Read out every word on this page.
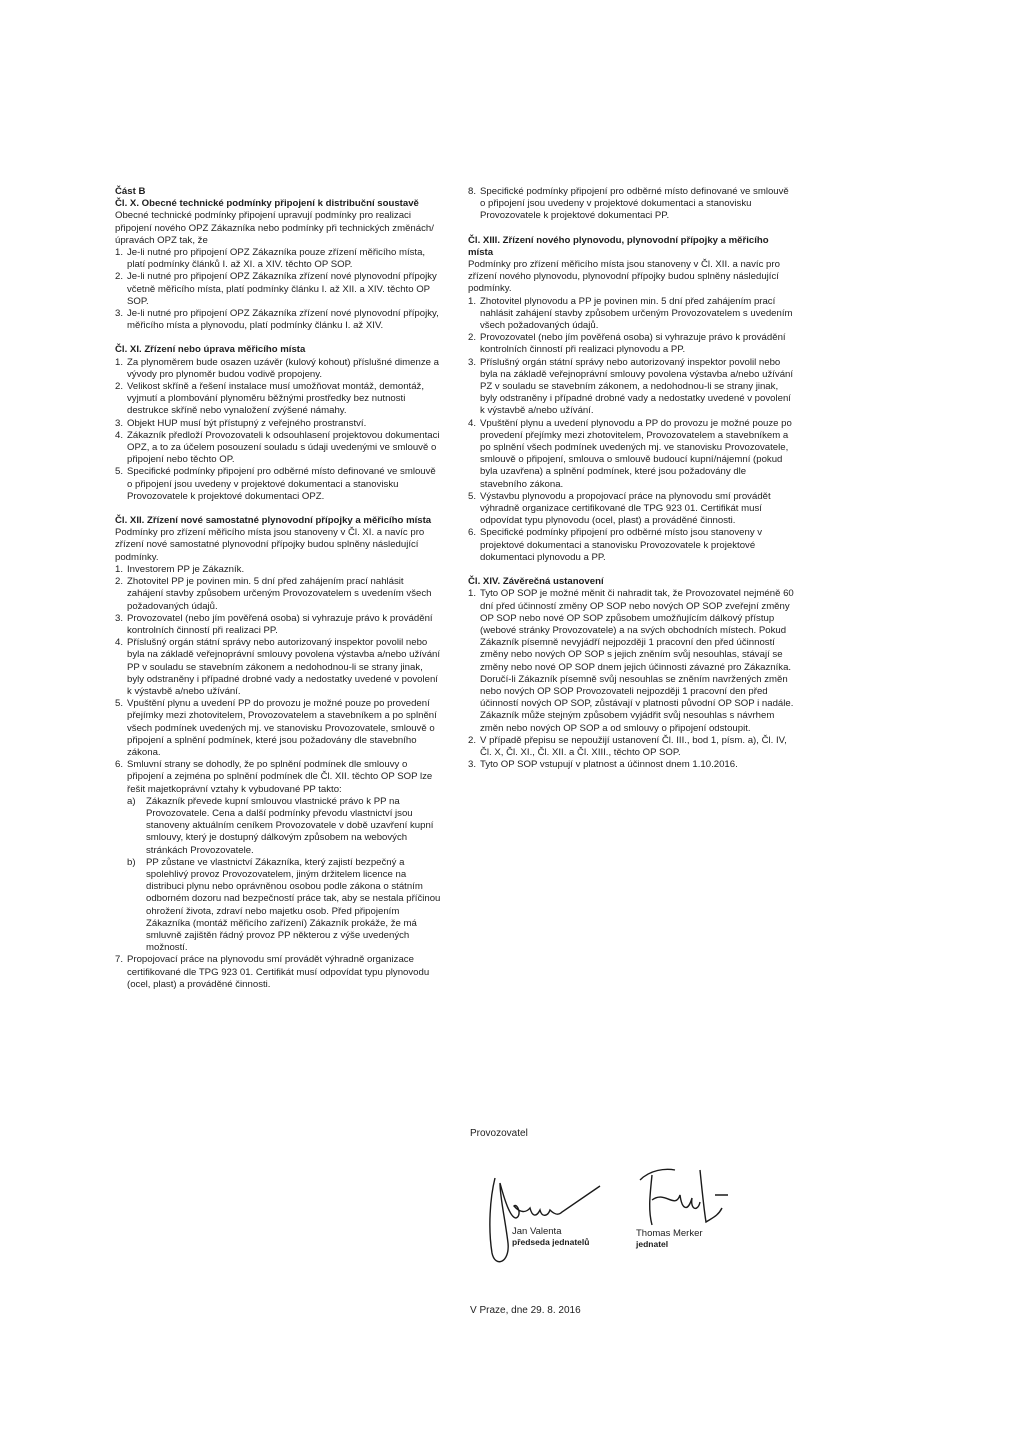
Část B
Čl. X. Obecné technické podmínky připojení k distribuční soustavě
Obecné technické podmínky připojení upravují podmínky pro realizaci připojení nového OPZ Zákazníka nebo podmínky při technických změnách/úpravách OPZ tak, že
1. Je-li nutné pro připojení OPZ Zákazníka pouze zřízení měřicího místa, platí podmínky článků I. až XI. a XIV. těchto OP SOP.
2. Je-li nutné pro připojení OPZ Zákazníka zřízení nové plynovodní přípojky včetně měřicího místa, platí podmínky článku I. až XII. a XIV. těchto OP SOP.
3. Je-li nutné pro připojení OPZ Zákazníka zřízení nové plynovodní přípojky, měřicího místa a plynovodu, platí podmínky článku I. až XIV.
Čl. XI. Zřízení nebo úprava měřicího místa
1. Za plynoměrem bude osazen uzávěr (kulový kohout) příslušné dimenze a vývody pro plynoměr budou vodivě propojeny.
2. Velikost skříně a řešení instalace musí umožňovat montáž, demontáž, vyjmutí a plombování plynoměru běžnými prostředky bez nutnosti destrukce skříně nebo vynaložení zvýšené námahy.
3. Objekt HUP musí být přístupný z veřejného prostranství.
4. Zákazník předloží Provozovateli k odsouhlasení projektovou dokumentaci OPZ, a to za účelem posouzení souladu s údaji uvedenými ve smlouvě o připojení nebo těchto OP.
5. Specifické podmínky připojení pro odběrné místo definované ve smlouvě o připojení jsou uvedeny v projektové dokumentaci a stanovisku Provozovatele k projektové dokumentaci OPZ.
Čl. XII. Zřízení nové samostatné plynovodní přípojky a měřicího místa
Podmínky pro zřízení měřicího místa jsou stanoveny v Čl. XI. a navíc pro zřízení nové samostatné plynovodní přípojky budou splněny následující podmínky.
1. Investorem PP je Zákazník.
2. Zhotovitel PP je povinen min. 5 dní před zahájením prací nahlásit zahájení stavby způsobem určeným Provozovatelem s uvedením všech požadovaných údajů.
3. Provozovatel (nebo jím pověřená osoba) si vyhrazuje právo k provádění kontrolních činností při realizaci PP.
4. Příslušný orgán státní správy nebo autorizovaný inspektor povolil nebo byla na základě veřejnoprávní smlouvy povolena výstavba a/nebo užívání PP v souladu se stavebním zákonem a nedohodnou-li se strany jinak, byly odstraněny i případné drobné vady a nedostatky uvedené v povolení k výstavbě a/nebo užívání.
5. Vpuštění plynu a uvedení PP do provozu je možné pouze po provedení přejímky mezi zhotovitelem, Provozovatelem a stavebníkem a po splnění všech podmínek uvedených mj. ve stanovisku Provozovatele, smlouvě o připojení a splnění podmínek, které jsou požadovány dle stavebního zákona.
6. Smluvní strany se dohodly, že po splnění podmínek dle smlouvy o připojení a zejména po splnění podmínek dle Čl. XII. těchto OP SOP lze řešit majetkoprávní vztahy k vybudované PP takto:
a)	Zákazník převede kupní smlouvou vlastnické právo k PP na Provozovatele. Cena a další podmínky převodu vlastnictví jsou stanoveny aktuálním ceníkem Provozovatele v době uzavření kupní smlouvy, který je dostupný dálkovým způsobem na webových stránkách Provozovatele.
b)	PP zůstane ve vlastnictví Zákazníka, který zajistí bezpečný a spolehlivý provoz Provozovatelem, jiným držitelem licence na distribuci plynu nebo oprávněnou osobou podle zákona o státním odborném dozoru nad bezpečností práce tak, aby se nestala příčinou ohrožení života, zdraví nebo majetku osob. Před připojením Zákazníka (montáž měřicího zařízení) Zákazník prokáže, že má smluvně zajištěn řádný provoz PP některou z výše uvedených možností.
7. Propojovací práce na plynovodu smí provádět výhradně organizace certifikované dle TPG 923 01. Certifikát musí odpovídat typu plynovodu (ocel, plast) a prováděné činnosti.
8. Specifické podmínky připojení pro odběrné místo definované ve smlouvě o připojení jsou uvedeny v projektové dokumentaci a stanovisku Provozovatele k projektové dokumentaci PP.
Čl. XIII. Zřízení nového plynovodu, plynovodní přípojky a měřicího místa
Podmínky pro zřízení měřicího místa jsou stanoveny v Čl. XII. a navíc pro zřízení nového plynovodu, plynovodní přípojky budou splněny následující podmínky.
1. Zhotovitel plynovodu a PP je povinen min. 5 dní před zahájením prací nahlásit zahájení stavby způsobem určeným Provozovatelem s uvedením všech požadovaných údajů.
2. Provozovatel (nebo jím pověřená osoba) si vyhrazuje právo k provádění kontrolních činností při realizaci plynovodu a PP.
3. Příslušný orgán státní správy nebo autorizovaný inspektor povolil nebo byla na základě veřejnoprávní smlouvy povolena výstavba a/nebo užívání PZ v souladu se stavebním zákonem, a nedohodnou-li se strany jinak, byly odstraněny i případné drobné vady a nedostatky uvedené v povolení k výstavbě a/nebo užívání.
4. Vpuštění plynu a uvedení plynovodu a PP do provozu je možné pouze po provedení přejímky mezi zhotovitelem, Provozovatelem a stavebníkem a po splnění všech podmínek uvedených mj. ve stanovisku Provozovatele, smlouvě o připojení, smlouva o smlouvě budoucí kupní/nájemní (pokud byla uzavřena) a splnění podmínek, které jsou požadovány dle stavebního zákona.
5. Výstavbu plynovodu a propojovací práce na plynovodu smí provádět výhradně organizace certifikované dle TPG 923 01. Certifikát musí odpovídat typu plynovodu (ocel, plast) a prováděné činnosti.
6. Specifické podmínky připojení pro odběrné místo jsou stanoveny v projektové dokumentaci a stanovisku Provozovatele k projektové dokumentaci plynovodu a PP.
Čl. XIV. Závěrečná ustanovení
1. Tyto OP SOP je možné měnit či nahradit tak, že Provozovatel nejméně 60 dní před účinností změny OP SOP nebo nových OP SOP zveřejní změny OP SOP nebo nové OP SOP způsobem umožňujícím dálkový přístup (webové stránky Provozovatele) a na svých obchodních místech. Pokud Zákazník písemně nevyjádří nejpozději 1 pracovní den před účinností změny nebo nových OP SOP s jejich zněním svůj nesouhlas, stávají se změny nebo nové OP SOP dnem jejich účinnosti závazné pro Zákazníka. Doručí-li Zákazník písemně svůj nesouhlas se zněním navržených změn nebo nových OP SOP Provozovateli nejpozději 1 pracovní den před účinností nových OP SOP, zůstávají v platnosti původní OP SOP i nadále. Zákazník může stejným způsobem vyjádřit svůj nesouhlas s návrhem změn nebo nových OP SOP a od smlouvy o připojení odstoupit.
2. V případě přepisu se nepoužijí ustanovení Čl. III., bod 1, písm. a), Čl. IV, Čl. X, Čl. XI., Čl. XII. a Čl. XIII., těchto OP SOP.
3. Tyto OP SOP vstupují v platnost a účinnost dnem 1.10.2016.
Provozovatel
Jan Valenta
předseda jednatelů
Thomas Merker
jednatel
V Praze, dne 29. 8. 2016
